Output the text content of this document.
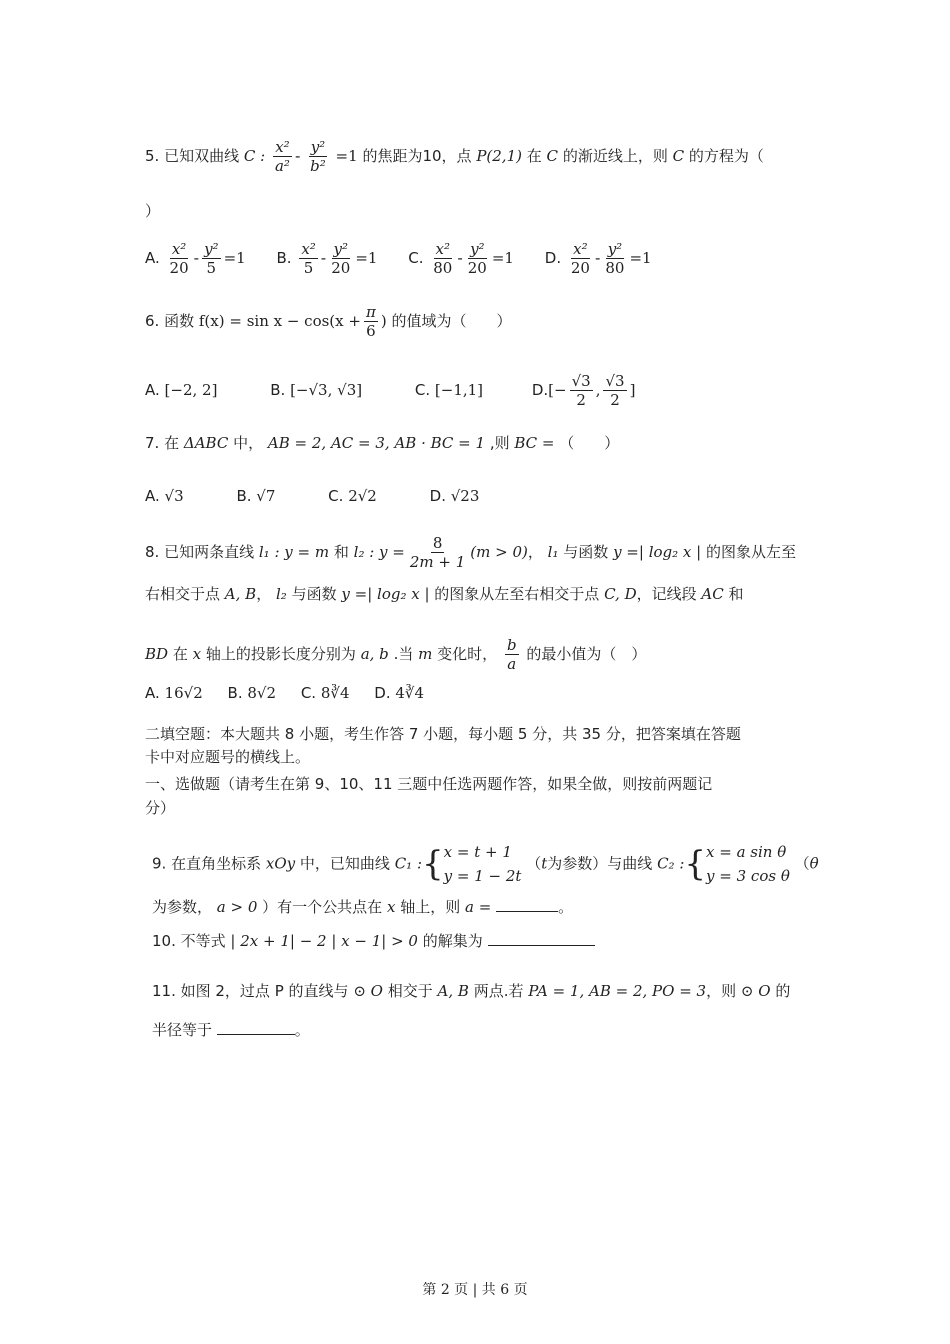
5. 已知双曲线 C : $\frac{\text{x²}}{\text{a²}} - \frac{\text{y²}}{\text{b²}} =1$ 的焦距为10，点 P(2,1) 在 C 的渐近线上，则 C 的方程为（
）
A. $\frac{\text{x²}}{20} - \frac{\text{y²}}{5} =1$ B. $\frac{\text{x²}}{5} - \frac{\text{y²}}{20} =1$ C. $\frac{\text{x²}}{80} - \frac{\text{y²}}{20} =1$ D. $\frac{\text{x²}}{20} - \frac{\text{y²}}{80} =1$
6. 函数 $f(x) = \sin x - \cos(x + \frac{\pi}{6}$ ) 的值域为（　　）
A. [−2, 2]	B. [−√3, √3]	C. [−1,1]	$D.[- \frac{√3}{2}$ , $\frac{√3}{2}$ ]
7. 在 ΔABC 中， AB = 2, AC = 3, AB · BC = 1 ,则 BC = （　　）
A. √3	B. √7	C. 2√2	D. √23
8. 已知两条直线 l₁ : y = m 和 l₂ : $y = \frac{8}{2m + 1} (m > 0)$， l₁ 与函数 y =| log₂ x | 的图象从左至
右相交于点 A, B， l₂ 与函数 y =| log₂ x | 的图象从左至右相交于点 C, D，记线段 AC 和
BD 在 x 轴上的投影长度分别为 a, b .当 m 变化时， $\frac{b}{a}$ 的最小值为（　）
A. 16√2 B. 8√2 C. 8∛4 D. 4∛4
二填空题：本大题共 8 小题，考生作答 7 小题，每小题 5 分，共 35 分，把答案填在答题
卡中对应题号的横线上。
一、选做题（请考生在第 9、10、11 三题中任选两题作答，如果全做，则按前两题记
分）
9. 在直角坐标系 xOy 中，已知曲线 C₁ :{ x = t + 1
y = 1 − 2t
（t为参数）与曲线 C₂ :{ x = a sin θ
y = 3 cos θ
（θ
为参数， a > 0 ）有一个公共点在 x 轴上，则 a =	。
10. 不等式 | 2x + 1| − 2 | x − 1| > 0 的解集为
11. 如图 2，过点 P 的直线与 ⊙ O 相交于 A, B 两点.若 PA = 1, AB = 2, PO = 3，则 ⊙ O 的
半径等于	。
第 2 页 | 共 6 页
